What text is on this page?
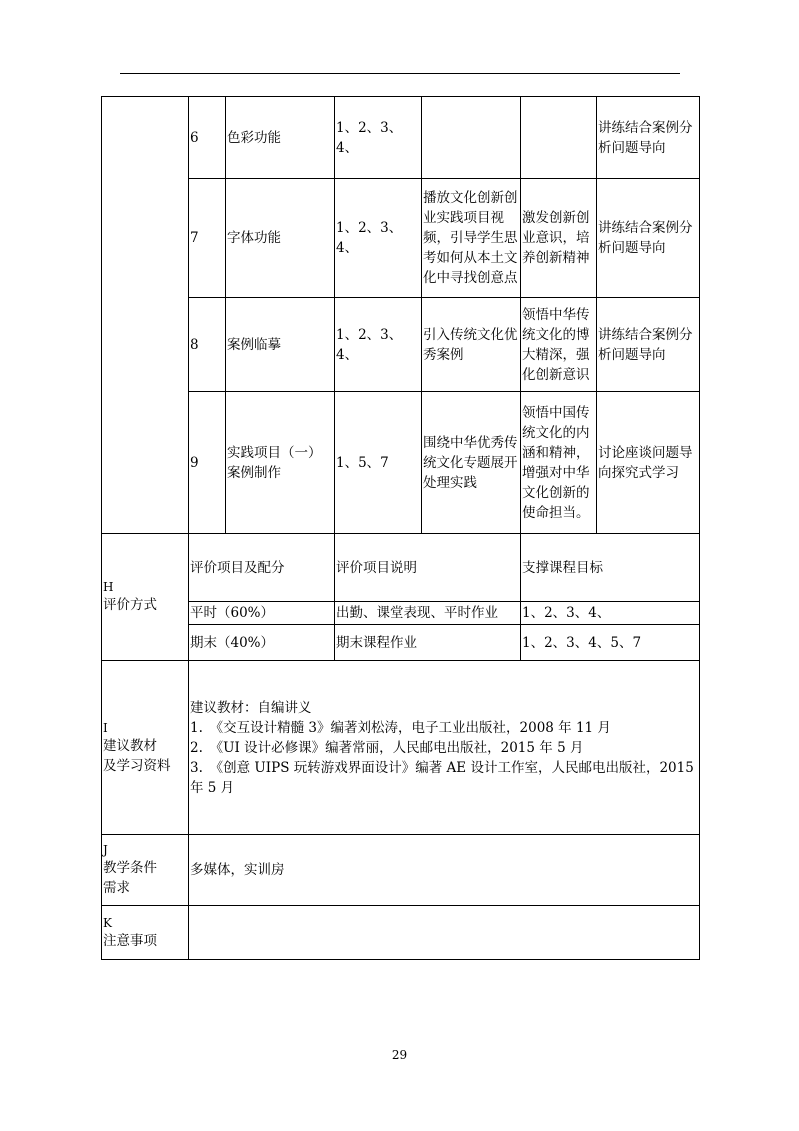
	6	色彩功能	1、2、3、4、			讲练结合案例分析问题导向
	7	字体功能	1、2、3、4、	播放文化创新创业实践项目视频，引导学生思考如何从本土文化中寻找创意点	激发创新创业意识，培养创新精神	讲练结合案例分析问题导向
	8	案例临摹	1、2、3、4、	引入传统文化优秀案例	领悟中华传统文化的博大精深，强化创新意识	讲练结合案例分析问题导向
	9	实践项目（一）案例制作	1、5、7	围绕中华优秀传统文化专题展开处理实践	领悟中国传统文化的内涵和精神，增强对中华文化创新的使命担当。	讨论座谈问题导向探究式学习

H
评价方式	评价项目及配分		评价项目说明		支撑课程目标	
	平时（60%）		出勤、课堂表现、平时作业		1、2、3、4、	
	期末（40%）		期末课程作业		1、2、3、4、5、7	

I
建议教材
及学习资料	建议教材：自编讲义
1.　《交互设计精髓 3》编著刘松涛，电子工业出版社，2008 年 11 月
2.　《UI 设计必修课》编著常丽，人民邮电出版社，2015 年 5 月
3.　《创意 UIPS 玩转游戏界面设计》编著 AE 设计工作室，人民邮电出版社，2015 年 5 月					

J
教学条件
需求	多媒体，实训房					

K
注意事项						

29
